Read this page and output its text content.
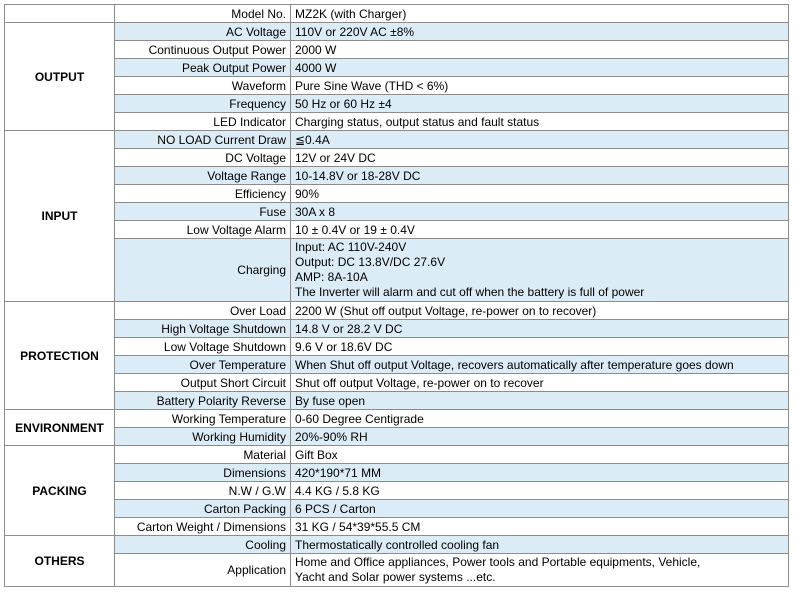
	Model No.	MZ2K (with Charger)
OUTPUT	AC Voltage	110V or 220V AC ±8%
	Continuous Output Power	2000 W
	Peak Output Power	4000 W
	Waveform	Pure Sine Wave (THD < 6%)
	Frequency	50 Hz or 60 Hz ±4
	LED Indicator	Charging status, output status and fault status
INPUT	NO LOAD Current Draw	≦0.4A
	DC Voltage	12V or 24V DC
	Voltage Range	10-14.8V or 18-28V DC
	Efficiency	90%
	Fuse	30A x 8
	Low Voltage Alarm	10 ± 0.4V or 19 ± 0.4V
	Charging	Input: AC 110V-240V
Output: DC 13.8V/DC 27.6V
AMP: 8A-10A
The Inverter will alarm and cut off when the battery is full of power

PROTECTION	Over Load	2200 W (Shut off output Voltage, re-power on to recover)
	High Voltage Shutdown	14.8 V or 28.2 V DC
	Low Voltage Shutdown	9.6 V or 18.6V DC
	Over Temperature	When Shut off output Voltage, recovers automatically after temperature goes down
	Output Short Circuit	Shut off output Voltage, re-power on to recover
	Battery Polarity Reverse	By fuse open
ENVIRONMENT	Working Temperature	0-60 Degree Centigrade
	Working Humidity	20%-90% RH
PACKING	Material	Gift Box
	Dimensions	420*190*71 MM
	N.W / G.W	4.4 KG / 5.8 KG
	Carton Packing	6 PCS / Carton
	Carton Weight / Dimensions	31 KG / 54*39*55.5 CM
OTHERS	Cooling	Thermostatically controlled cooling fan
	Application	Home and Office appliances, Power tools and Portable equipments, Vehicle,
Yacht and Solar power systems ...etc.
